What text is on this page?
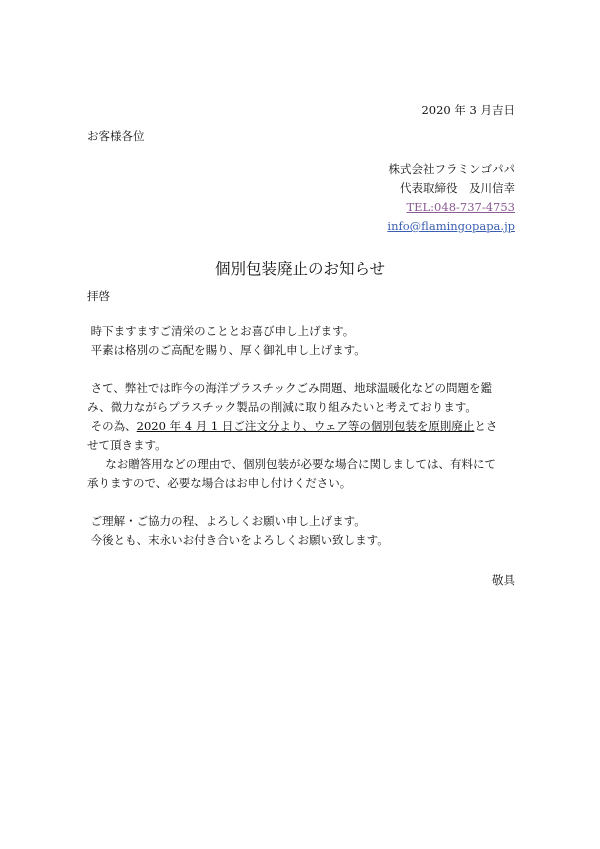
2020 年 3 月吉日
お客様各位
株式会社フラミンゴパパ
代表取締役　及川信幸
TEL:048-737-4753
info@flamingopapa.jp
個別包装廃止のお知らせ
拝啓

時下ますますご清栄のこととお喜び申し上げます。

平素は格別のご高配を賜り、厚く御礼申し上げます。

さて、弊社では昨今の海洋プラスチックごみ問題、地球温暖化などの問題を鑑

み、微力ながらプラスチック製品の削減に取り組みたいと考えております。

その為、2020 年 4 月 1 日ご注文分より、ウェア等の個別包装を原則廃止とさ

せて頂きます。

なお贈答用などの理由で、個別包装が必要な場合に関しましては、有料にて

承りますので、必要な場合はお申し付けください。

ご理解・ご協力の程、よろしくお願い申し上げます。

今後とも、末永いお付き合いをよろしくお願い致します。

敬具
